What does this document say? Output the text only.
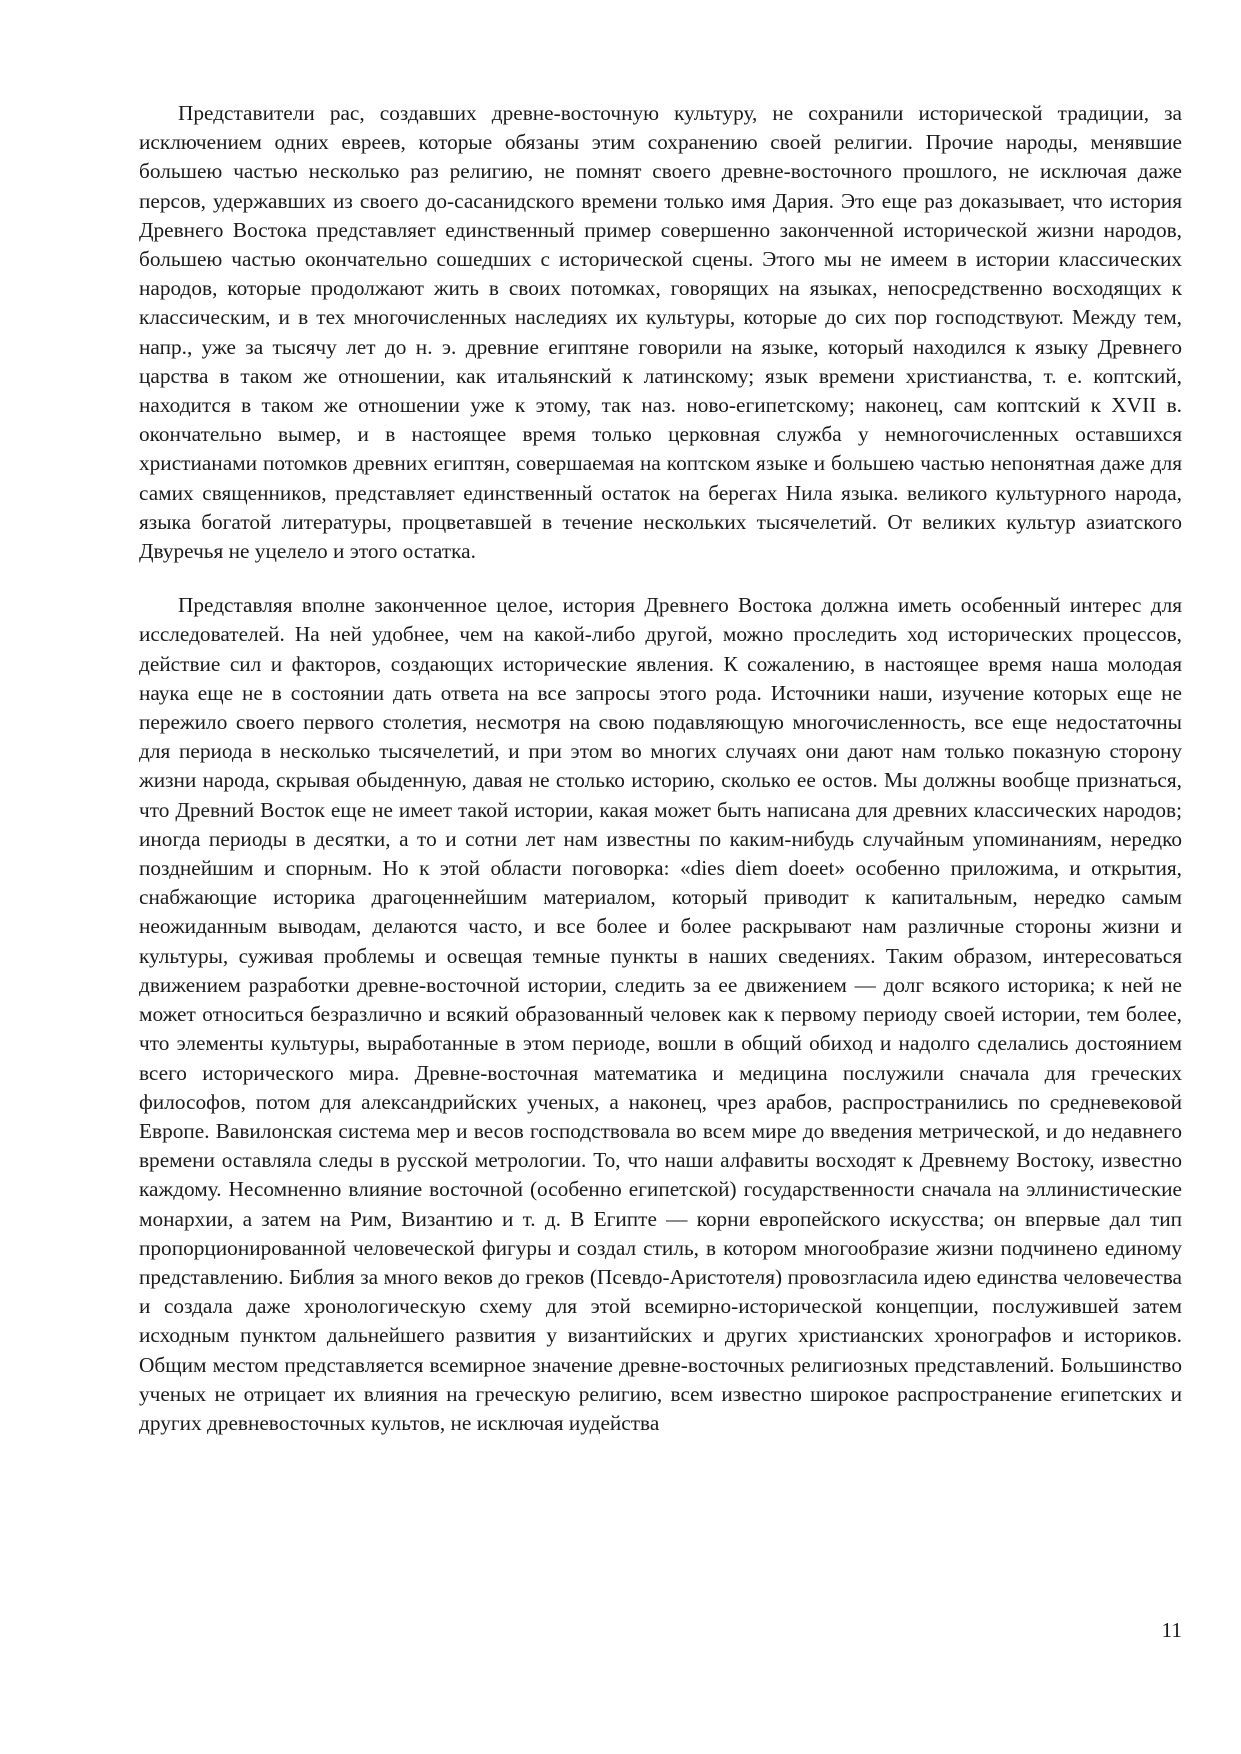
Представители рас, создавших древне-восточную культуру, не сохранили исторической традиции, за исключением одних евреев, которые обязаны этим сохранению своей религии. Прочие народы, менявшие большею частью несколько раз религию, не помнят своего древне-восточного прошлого, не исключая даже персов, удержавших из своего до-сасанидского времени только имя Дария. Это еще раз доказывает, что история Древнего Востока представляет единственный пример совершенно законченной исторической жизни народов, большею частью окончательно сошедших с исторической сцены. Этого мы не имеем в истории классических народов, которые продолжают жить в своих потомках, говорящих на языках, непосредственно восходящих к классическим, и в тех многочисленных наследиях их культуры, которые до сих пор господствуют. Между тем, напр., уже за тысячу лет до н. э. древние египтяне говорили на языке, который находился к языку Древнего царства в таком же отношении, как итальянский к латинскому; язык времени христианства, т. е. коптский, находится в таком же отношении уже к этому, так наз. ново-египетскому; наконец, сам коптский к XVII в. окончательно вымер, и в настоящее время только церковная служба у немногочисленных оставшихся христианами потомков древних египтян, совершаемая на коптском языке и большею частью непонятная даже для самих священников, представляет единственный остаток на берегах Нила языка. великого культурного народа, языка богатой литературы, процветавшей в течение нескольких тысячелетий. От великих культур азиатского Двуречья не уцелело и этого остатка.

Представляя вполне законченное целое, история Древнего Востока должна иметь особенный интерес для исследователей. На ней удобнее, чем на какой-либо другой, можно проследить ход исторических процессов, действие сил и факторов, создающих исторические явления. К сожалению, в настоящее время наша молодая наука еще не в состоянии дать ответа на все запросы этого рода. Источники наши, изучение которых еще не пережило своего первого столетия, несмотря на свою подавляющую многочисленность, все еще недостаточны для периода в несколько тысячелетий, и при этом во многих случаях они дают нам только показную сторону жизни народа, скрывая обыденную, давая не столько историю, сколько ее остов. Мы должны вообще признаться, что Древний Восток еще не имеет такой истории, какая может быть написана для древних классических народов; иногда периоды в десятки, а то и сотни лет нам известны по каким-нибудь случайным упоминаниям, нередко позднейшим и спорным. Но к этой области поговорка: «dies diem doeet» особенно приложима, и открытия, снабжающие историка драгоценнейшим материалом, который приводит к капитальным, нередко самым неожиданным выводам, делаются часто, и все более и более раскрывают нам различные стороны жизни и культуры, суживая проблемы и освещая темные пункты в наших сведениях. Таким образом, интересоваться движением разработки древне-восточной истории, следить за ее движением — долг всякого историка; к ней не может относиться безразлично и всякий образованный человек как к первому периоду своей истории, тем более, что элементы культуры, выработанные в этом периоде, вошли в общий обиход и надолго сделались достоянием всего исторического мира. Древне-восточная математика и медицина послужили сначала для греческих философов, потом для александрийских ученых, а наконец, чрез арабов, распространились по средневековой Европе. Вавилонская система мер и весов господствовала во всем мире до введения метрической, и до недавнего времени оставляла следы в русской метрологии. То, что наши алфавиты восходят к Древнему Востоку, известно каждому. Несомненно влияние восточной (особенно египетской) государственности сначала на эллинистические монархии, а затем на Рим, Византию и т. д. В Египте — корни европейского искусства; он впервые дал тип пропорционированной человеческой фигуры и создал стиль, в котором многообразие жизни подчинено единому представлению. Библия за много веков до греков (Псевдо-Аристотеля) провозгласила идею единства человечества и создала даже хронологическую схему для этой всемирно-исторической концепции, послужившей затем исходным пунктом дальнейшего развития у византийских и других христианских хронографов и историков. Общим местом представляется всемирное значение древне-восточных религиозных представлений. Большинство ученых не отрицает их влияния на греческую религию, всем известно широкое распространение египетских и других древневосточных культов, не исключая иудейства

11
